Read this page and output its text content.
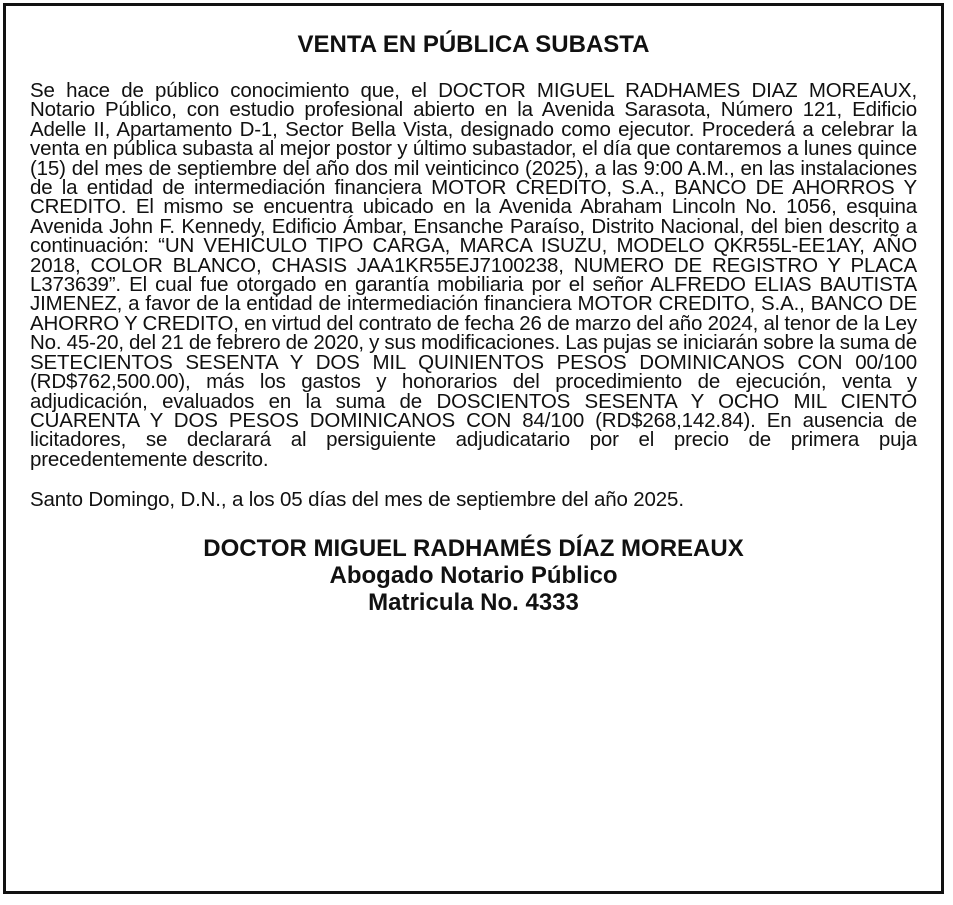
VENTA EN PÚBLICA SUBASTA

Se hace de público conocimiento que, el DOCTOR MIGUEL RADHAMES DIAZ MOREAUX, Notario Público, con estudio profesional abierto en la Avenida Sarasota, Número 121, Edificio Adelle II, Apartamento D-1, Sector Bella Vista, designado como ejecutor. Procederá a celebrar la venta en pública subasta al mejor postor y último subastador, el día que contaremos a lunes quince (15) del mes de septiembre del año dos mil veinticinco (2025), a las 9:00 A.M., en las instalaciones de la entidad de intermediación financiera MOTOR CREDITO, S.A., BANCO DE AHORROS Y CREDITO. El mismo se encuentra ubicado en la Avenida Abraham Lincoln No. 1056, esquina Avenida John F. Kennedy, Edificio Ámbar, Ensanche Paraíso, Distrito Nacional, del bien descrito a continuación: “UN VEHICULO TIPO CARGA, MARCA ISUZU, MODELO QKR55L-EE1AY, AÑO 2018, COLOR BLANCO, CHASIS JAA1KR55EJ7100238, NUMERO DE REGISTRO Y PLACA L373639”. El cual fue otorgado en garantía mobiliaria por el señor ALFREDO ELIAS BAUTISTA JIMENEZ, a favor de la entidad de intermediación financiera MOTOR CREDITO, S.A., BANCO DE AHORRO Y CREDITO, en virtud del contrato de fecha 26 de marzo del año 2024, al tenor de la Ley No. 45-20, del 21 de febrero de 2020, y sus modificaciones. Las pujas se iniciarán sobre la suma de SETECIENTOS SESENTA Y DOS MIL QUINIENTOS PESOS DOMINICANOS CON 00/100 (RD$762,500.00), más los gastos y honorarios del procedimiento de ejecución, venta y adjudicación, evaluados en la suma de DOSCIENTOS SESENTA Y OCHO MIL CIENTO CUARENTA Y DOS PESOS DOMINICANOS CON 84/100 (RD$268,142.84). En ausencia de licitadores, se declarará al persiguiente adjudicatario por el precio de primera puja precedentemente descrito.

Santo Domingo, D.N., a los 05 días del mes de septiembre del año 2025.

DOCTOR MIGUEL RADHAMÉS DÍAZ MOREAUX
Abogado Notario Público
Matricula No. 4333
